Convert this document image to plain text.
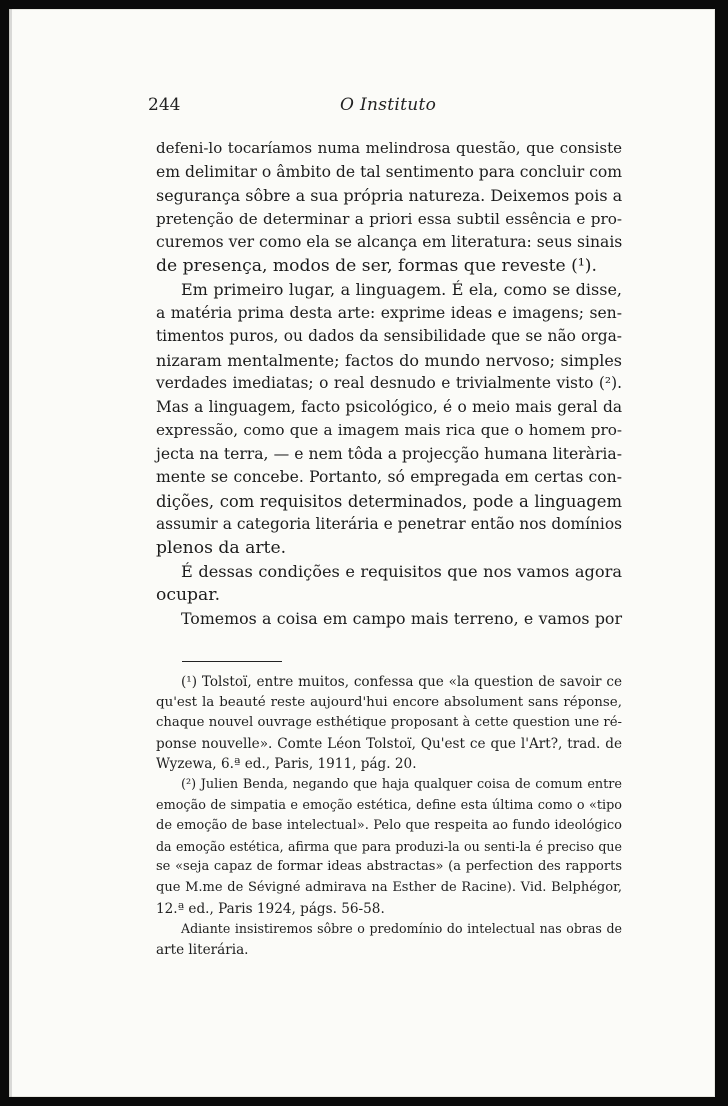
244	O Instituto
defeni-lo tocaríamos numa melindrosa questão, que consiste
em delimitar o âmbito de tal sentimento para concluir com
segurança sôbre a sua própria natureza. Deixemos pois a
pretenção de determinar a priori essa subtil essência e pro-
curemos ver como ela se alcança em literatura: seus sinais
de presença, modos de ser, formas que reveste (¹).
Em primeiro lugar, a linguagem. É ela, como se disse,
a matéria prima desta arte: exprime ideas e imagens; sen-
timentos puros, ou dados da sensibilidade que se não orga-
nizaram mentalmente; factos do mundo nervoso; simples
verdades imediatas; o real desnudo e trivialmente visto (²).
Mas a linguagem, facto psicológico, é o meio mais geral da
expressão, como que a imagem mais rica que o homem pro-
jecta na terra, — e nem tôda a projecção humana literària-
mente se concebe. Portanto, só empregada em certas con-
dições, com requisitos determinados, pode a linguagem
assumir a categoria literária e penetrar então nos domínios
plenos da arte.
É dessas condições e requisitos que nos vamos agora
ocupar.
Tomemos a coisa em campo mais terreno, e vamos por
(¹) Tolstoï, entre muitos, confessa que «la question de savoir ce
qu'est la beauté reste aujourd'hui encore absolument sans réponse,
chaque nouvel ouvrage esthétique proposant à cette question une ré-
ponse nouvelle». Comte Léon Tolstoï, Qu'est ce que l'Art?, trad. de
Wyzewa, 6.ª ed., Paris, 1911, pág. 20.
(²) Julien Benda, negando que haja qualquer coisa de comum entre
emoção de simpatia e emoção estética, define esta última como o «tipo
de emoção de base intelectual». Pelo que respeita ao fundo ideológico
da emoção estética, afirma que para produzi-la ou senti-la é preciso que
se «seja capaz de formar ideas abstractas» (a perfection des rapports
que M.me de Sévigné admirava na Esther de Racine). Vid. Belphégor,
12.ª ed., Paris 1924, págs. 56-58.
Adiante insistiremos sôbre o predomínio do intelectual nas obras de
arte literária.
